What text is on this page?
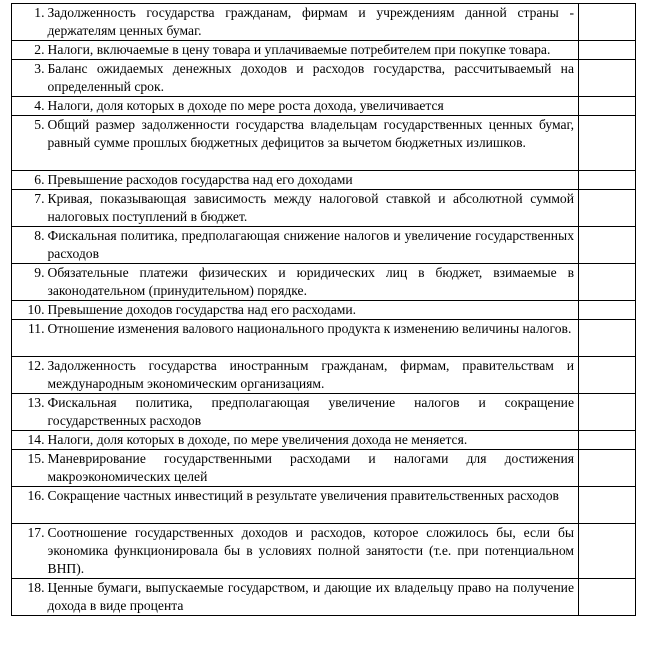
1.	Задолженность государства гражданам, фирмам и учреждениям данной страны - держателям ценных бумаг.	
2.	Налоги, включаемые в цену товара и уплачиваемые потребителем при покупке товара.	
3.	Баланс ожидаемых денежных доходов и расходов государства, рассчитываемый на определенный срок.	
4.	Налоги, доля которых в доходе по мере роста дохода, увеличивается	
5.	Общий размер задолженности государства владельцам государственных ценных бумаг, равный сумме прошлых бюджетных дефицитов за вычетом бюджетных излишков.	
6.	Превышение расходов государства над его доходами	
7.	Кривая, показывающая зависимость между налоговой ставкой и абсолютной суммой налоговых поступлений в бюджет.	
8.	Фискальная политика, предполагающая снижение налогов и увеличение государственных расходов	
9.	Обязательные платежи физических и юридических лиц в бюджет, взимаемые в законодательном (принудительном) порядке.	
10.	Превышение доходов государства над его расходами.	
11.	Отношение изменения валового национального продукта к изменению величины налогов.	
12.	Задолженность государства иностранным гражданам, фирмам, правительствам и международным экономическим организациям.	
13.	Фискальная политика, предполагающая увеличение налогов и сокращение государственных расходов	
14.	Налоги, доля которых в доходе, по мере увеличения дохода не меняется.	
15.	Маневрирование государственными расходами и налогами для достижения макроэкономических целей	
16.	Сокращение частных инвестиций в результате увеличения правительственных расходов	
17.	Соотношение государственных доходов и расходов, которое сложилось бы, если бы экономика функционировала бы в условиях полной занятости (т.е. при потенциальном ВНП).	
18.	Ценные бумаги, выпускаемые государством, и дающие их владельцу право на получение дохода в виде процента	
